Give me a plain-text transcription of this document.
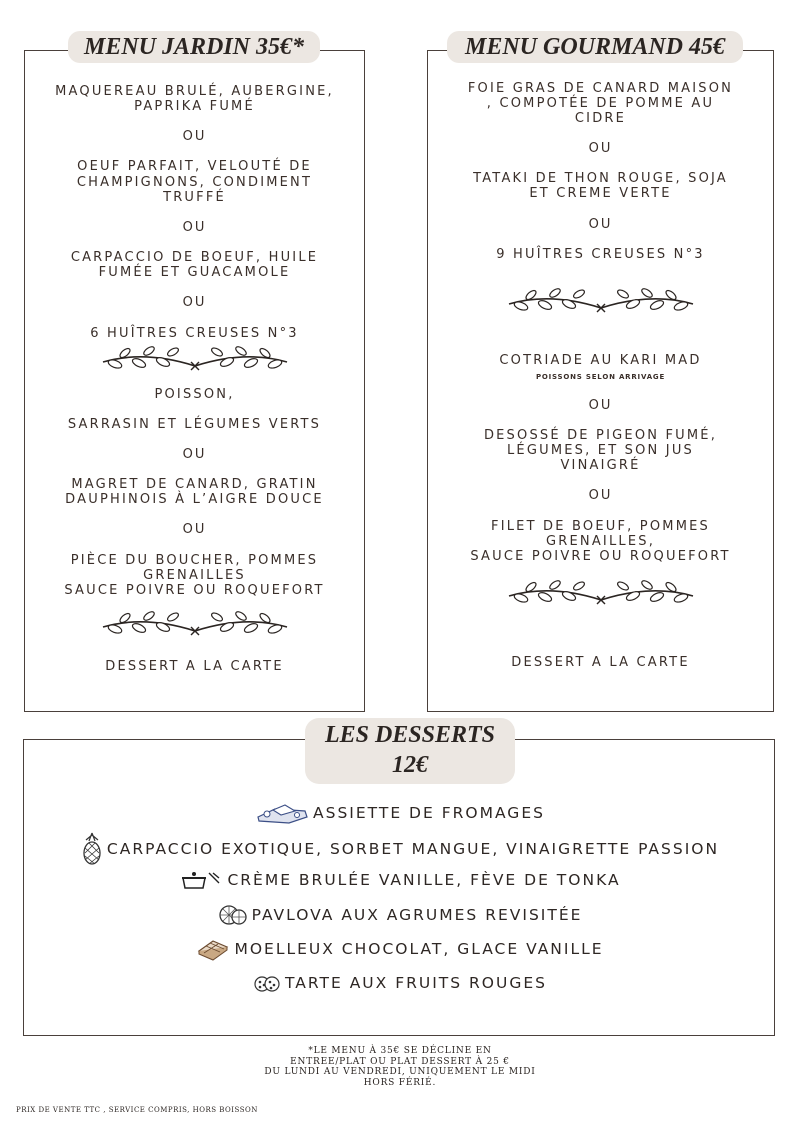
MENU JARDIN 35€*
MAQUEREAU BRULÉ, AUBERGINE,
PAPRIKA FUMÉ
OU
OEUF PARFAIT, VELOUTÉ DE
CHAMPIGNONS, CONDIMENT
TRUFFÉ
OU
CARPACCIO DE BOEUF, HUILE
FUMÉE ET GUACAMOLE
OU
6 HUÎTRES CREUSES N°3
POISSON,
SARRASIN ET LÉGUMES VERTS
OU
MAGRET DE CANARD, GRATIN
DAUPHINOIS À L’AIGRE DOUCE
OU
PIÈCE DU BOUCHER, POMMES
GRENAILLES
SAUCE POIVRE OU ROQUEFORT
DESSERT A LA CARTE
MENU GOURMAND 45€
FOIE GRAS DE CANARD MAISON
, COMPOTÉE DE POMME AU
CIDRE
OU
TATAKI DE THON ROUGE, SOJA
ET CREME VERTE
OU
9 HUÎTRES CREUSES N°3
COTRIADE AU KARI MAD
POISSONS SELON ARRIVAGE
OU
DESOSSÉ DE PIGEON FUMÉ,
LÉGUMES, ET SON JUS
VINAIGRÉ
OU
FILET DE BOEUF, POMMES
GRENAILLES,
SAUCE POIVRE OU ROQUEFORT
DESSERT A LA CARTE
LES DESSERTS
12€
ASSIETTE DE FROMAGES
CARPACCIO EXOTIQUE, SORBET MANGUE, VINAIGRETTE PASSION
CRÈME BRULÉE VANILLE, FÈVE DE TONKA
PAVLOVA AUX AGRUMES REVISITÉE
MOELLEUX CHOCOLAT, GLACE VANILLE
TARTE AUX FRUITS ROUGES
*LE MENU À 35€ SE DÉCLINE EN
ENTREE/PLAT OU PLAT DESSERT À 25 €
DU LUNDI AU VENDREDI, UNIQUEMENT LE MIDI
HORS FÉRIÉ.
PRIX DE VENTE TTC , SERVICE COMPRIS, HORS BOISSON
